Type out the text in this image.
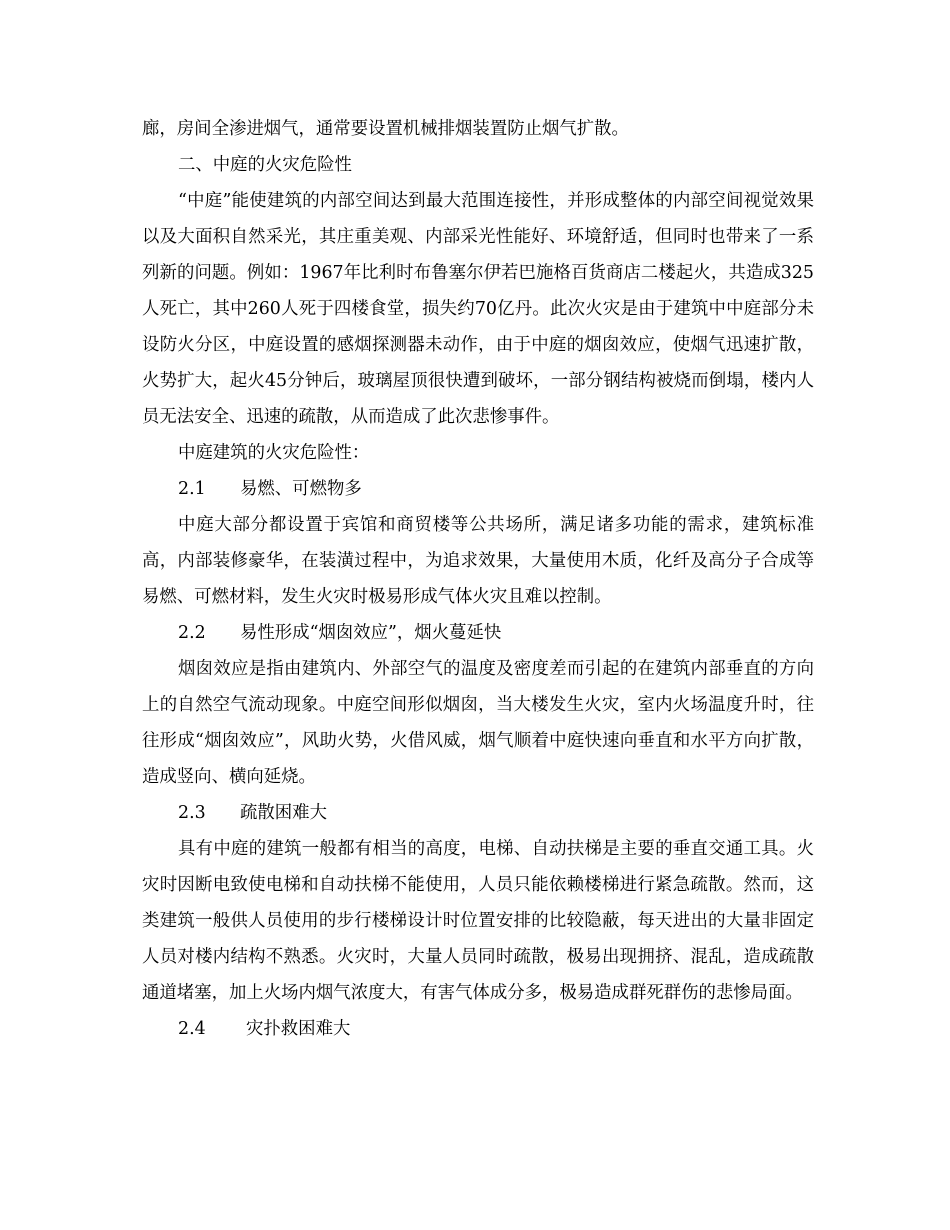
廊，房间全渗进烟气，通常要设置机械排烟装置防止烟气扩散。

二、中庭的火灾危险性

“中庭”能使建筑的内部空间达到最大范围连接性，并形成整体的内部空间视觉效果以及大面积自然采光，其庄重美观、内部采光性能好、环境舒适，但同时也带来了一系列新的问题。例如：1967年比利时布鲁塞尔伊若巴施格百货商店二楼起火，共造成325人死亡，其中260人死于四楼食堂，损失约70亿丹。此次火灾是由于建筑中中庭部分未设防火分区，中庭设置的感烟探测器未动作，由于中庭的烟囱效应，使烟气迅速扩散，火势扩大，起火45分钟后，玻璃屋顶很快遭到破坏，一部分钢结构被烧而倒塌，楼内人员无法安全、迅速的疏散，从而造成了此次悲惨事件。

中庭建筑的火灾危险性：

2.1 易燃、可燃物多

中庭大部分都设置于宾馆和商贸楼等公共场所，满足诸多功能的需求，建筑标准高，内部装修豪华，在装潢过程中，为追求效果，大量使用木质，化纤及高分子合成等易燃、可燃材料，发生火灾时极易形成气体火灾且难以控制。

2.2 易性形成“烟囱效应”，烟火蔓延快

烟囱效应是指由建筑内、外部空气的温度及密度差而引起的在建筑内部垂直的方向上的自然空气流动现象。中庭空间形似烟囱，当大楼发生火灾，室内火场温度升时，往往形成“烟囱效应”，风助火势，火借风威，烟气顺着中庭快速向垂直和水平方向扩散，造成竖向、横向延烧。

2.3 疏散困难大

具有中庭的建筑一般都有相当的高度，电梯、自动扶梯是主要的垂直交通工具。火灾时因断电致使电梯和自动扶梯不能使用，人员只能依赖楼梯进行紧急疏散。然而，这类建筑一般供人员使用的步行楼梯设计时位置安排的比较隐蔽，每天进出的大量非固定人员对楼内结构不熟悉。火灾时，大量人员同时疏散，极易出现拥挤、混乱，造成疏散通道堵塞，加上火场内烟气浓度大，有害气体成分多，极易造成群死群伤的悲惨局面。

2.4 灾扑救困难大
